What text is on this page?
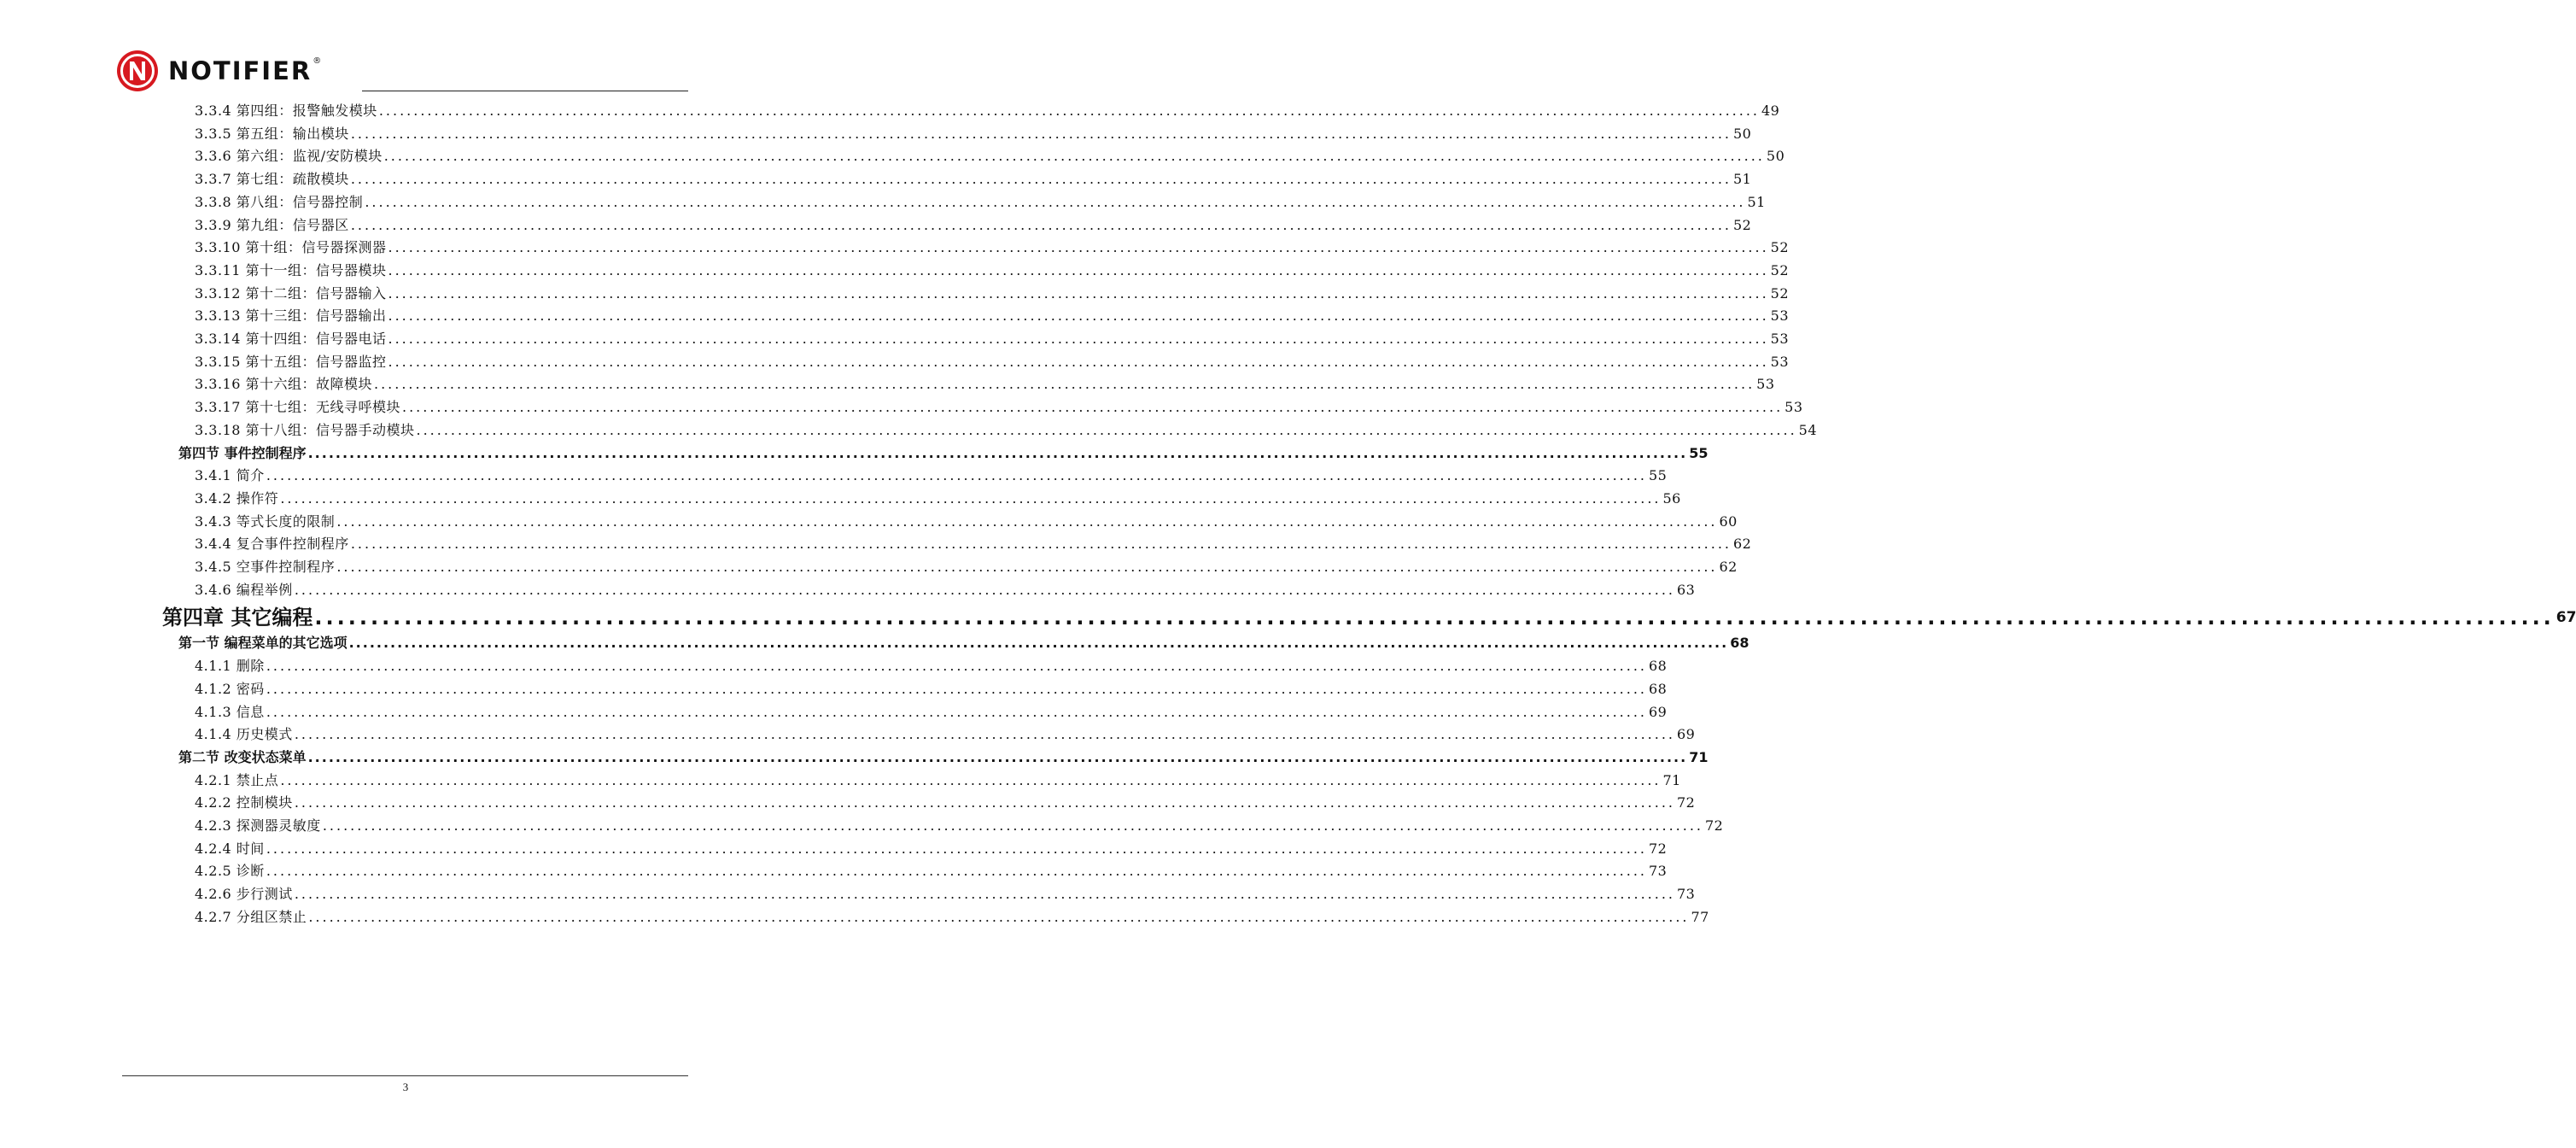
NOTIFIER ®
3.3.4 第四组：报警触发模块 ........................................................................................................................................................................................................ 49
3.3.5 第五组：输出模块 ........................................................................................................................................................................................................ 50
3.3.6 第六组：监视/安防模块 ........................................................................................................................................................................................................ 50
3.3.7 第七组：疏散模块 ........................................................................................................................................................................................................ 51
3.3.8 第八组：信号器控制 ........................................................................................................................................................................................................ 51
3.3.9 第九组：信号器区 ........................................................................................................................................................................................................ 52
3.3.10 第十组：信号器探测器 ........................................................................................................................................................................................................ 52
3.3.11 第十一组：信号器模块 ........................................................................................................................................................................................................ 52
3.3.12 第十二组：信号器输入 ........................................................................................................................................................................................................ 52
3.3.13 第十三组：信号器输出 ........................................................................................................................................................................................................ 53
3.3.14 第十四组：信号器电话 ........................................................................................................................................................................................................ 53
3.3.15 第十五组：信号器监控 ........................................................................................................................................................................................................ 53
3.3.16 第十六组：故障模块 ........................................................................................................................................................................................................ 53
3.3.17 第十七组：无线寻呼模块 ........................................................................................................................................................................................................ 53
3.3.18 第十八组：信号器手动模块 ........................................................................................................................................................................................................ 54
第四节 事件控制程序 ........................................................................................................................................................................................................ 55
3.4.1 简介 ........................................................................................................................................................................................................ 55
3.4.2 操作符 ........................................................................................................................................................................................................ 56
3.4.3 等式长度的限制 ........................................................................................................................................................................................................ 60
3.4.4 复合事件控制程序 ........................................................................................................................................................................................................ 62
3.4.5 空事件控制程序 ........................................................................................................................................................................................................ 62
3.4.6 编程举例 ........................................................................................................................................................................................................ 63
第四章 其它编程 ........................................................................................................................................................................................................ 67
第一节 编程菜单的其它选项 ........................................................................................................................................................................................................ 68
4.1.1 删除 ........................................................................................................................................................................................................ 68
4.1.2 密码 ........................................................................................................................................................................................................ 68
4.1.3 信息 ........................................................................................................................................................................................................ 69
4.1.4 历史模式 ........................................................................................................................................................................................................ 69
第二节 改变状态菜单 ........................................................................................................................................................................................................ 71
4.2.1 禁止点 ........................................................................................................................................................................................................ 71
4.2.2 控制模块 ........................................................................................................................................................................................................ 72
4.2.3 探测器灵敏度 ........................................................................................................................................................................................................ 72
4.2.4 时间 ........................................................................................................................................................................................................ 72
4.2.5 诊断 ........................................................................................................................................................................................................ 73
4.2.6 步行测试 ........................................................................................................................................................................................................ 73
4.2.7 分组区禁止 ........................................................................................................................................................................................................ 77
3
